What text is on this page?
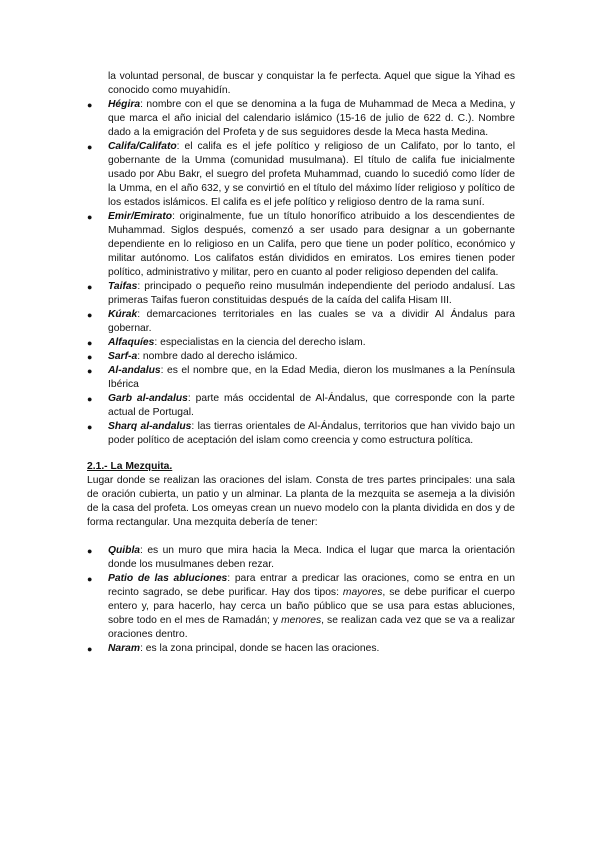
la voluntad personal, de buscar y conquistar la fe perfecta. Aquel que sigue la Yihad es conocido como muyahidín.
●	Hégira: nombre con el que se denomina a la fuga de Muhammad de Meca a Medina, y que marca el año inicial del calendario islámico (15-16 de julio de 622 d. C.). Nombre dado a la emigración del Profeta y de sus seguidores desde la Meca hasta Medina.
●	Califa/Califato: el califa es el jefe político y religioso de un Califato, por lo tanto, el gobernante de la Umma (comunidad musulmana). El título de califa fue inicialmente usado por Abu Bakr, el suegro del profeta Muhammad, cuando lo sucedió como líder de la Umma, en el año 632, y se convirtió en el título del máximo líder religioso y político de los estados islámicos. El califa es el jefe político y religioso dentro de la rama suní.
●	Emir/Emirato: originalmente, fue un título honorífico atribuido a los descendientes de Muhammad. Siglos después, comenzó a ser usado para designar a un gobernante dependiente en lo religioso en un Califa, pero que tiene un poder político, económico y militar autónomo. Los califatos están divididos en emiratos. Los emires tienen poder político, administrativo y militar, pero en cuanto al poder religioso dependen del califa.
●	Taifas: principado o pequeño reino musulmán independiente del periodo andalusí. Las primeras Taifas fueron constituidas después de la caída del califa Hisam III.
●	Kúrak: demarcaciones territoriales en las cuales se va a dividir Al Ándalus para gobernar.
●	Alfaquíes: especialistas en la ciencia del derecho islam.
●	Sarf-a: nombre dado al derecho islámico.
●	Al-andalus: es el nombre que, en la Edad Media, dieron los muslmanes a la Península Ibérica
●	Garb al-andalus: parte más occidental de Al-Ándalus, que corresponde con la parte actual de Portugal.
●	Sharq al-andalus: las tierras orientales de Al-Ándalus, territorios que han vivido bajo un poder político de aceptación del islam como creencia y como estructura política.
2.1.- La Mezquita.
Lugar donde se realizan las oraciones del islam. Consta de tres partes principales: una sala de oración cubierta, un patio y un alminar. La planta de la mezquita se asemeja a la división de la casa del profeta. Los omeyas crean un nuevo modelo con la planta dividida en dos y de forma rectangular. Una mezquita debería de tener:
●	Quibla: es un muro que mira hacia la Meca. Indica el lugar que marca la orientación donde los musulmanes deben rezar.
●	Patio de las abluciones: para entrar a predicar las oraciones, como se entra en un recinto sagrado, se debe purificar. Hay dos tipos: mayores, se debe purificar el cuerpo entero y, para hacerlo, hay cerca un baño público que se usa para estas abluciones, sobre todo en el mes de Ramadán; y menores, se realizan cada vez que se va a realizar oraciones dentro.
●	Naram: es la zona principal, donde se hacen las oraciones.
